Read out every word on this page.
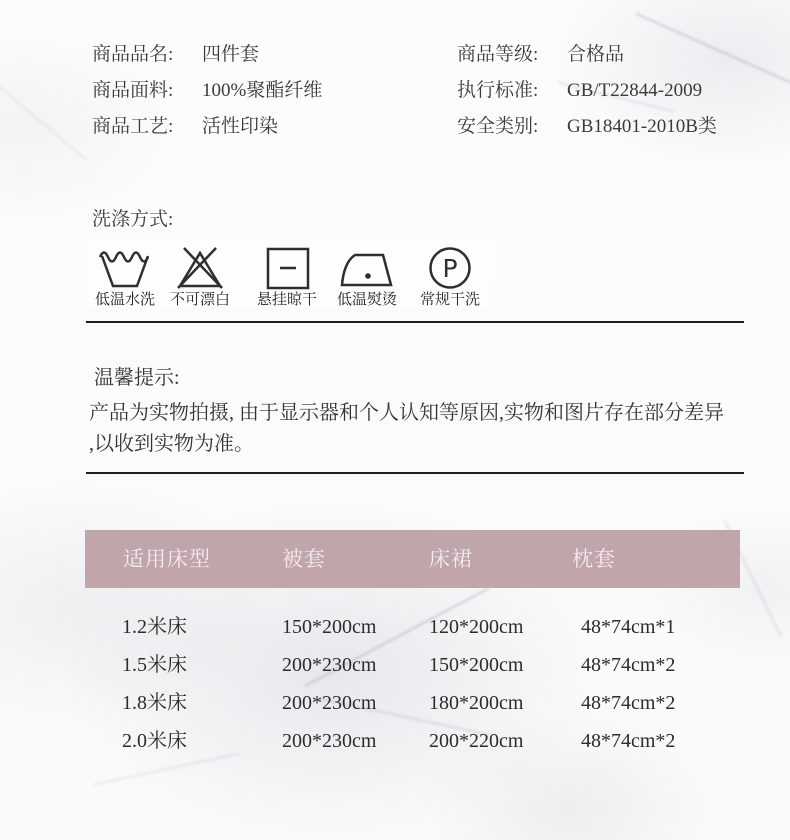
商品品名: 四件套
商品面料: 100%聚酯纤维
商品工艺: 活性印染
商品等级: 合格品
执行标准: GB/T22844-2009
安全类别: GB18401-2010B类
洗涤方式:
低温水洗 不可漂白 悬挂晾干 低温熨烫
P
常规干洗
温馨提示:
产品为实物拍摄, 由于显示器和个人认知等原因,实物和图片存在部分差异
,以收到实物为准。
适用床型	被套	床裙	枕套
1.2米床	150*200cm	120*200cm	48*74cm*1
1.5米床	200*230cm	150*200cm	48*74cm*2
1.8米床	200*230cm	180*200cm	48*74cm*2
2.0米床	200*230cm	200*220cm	48*74cm*2
